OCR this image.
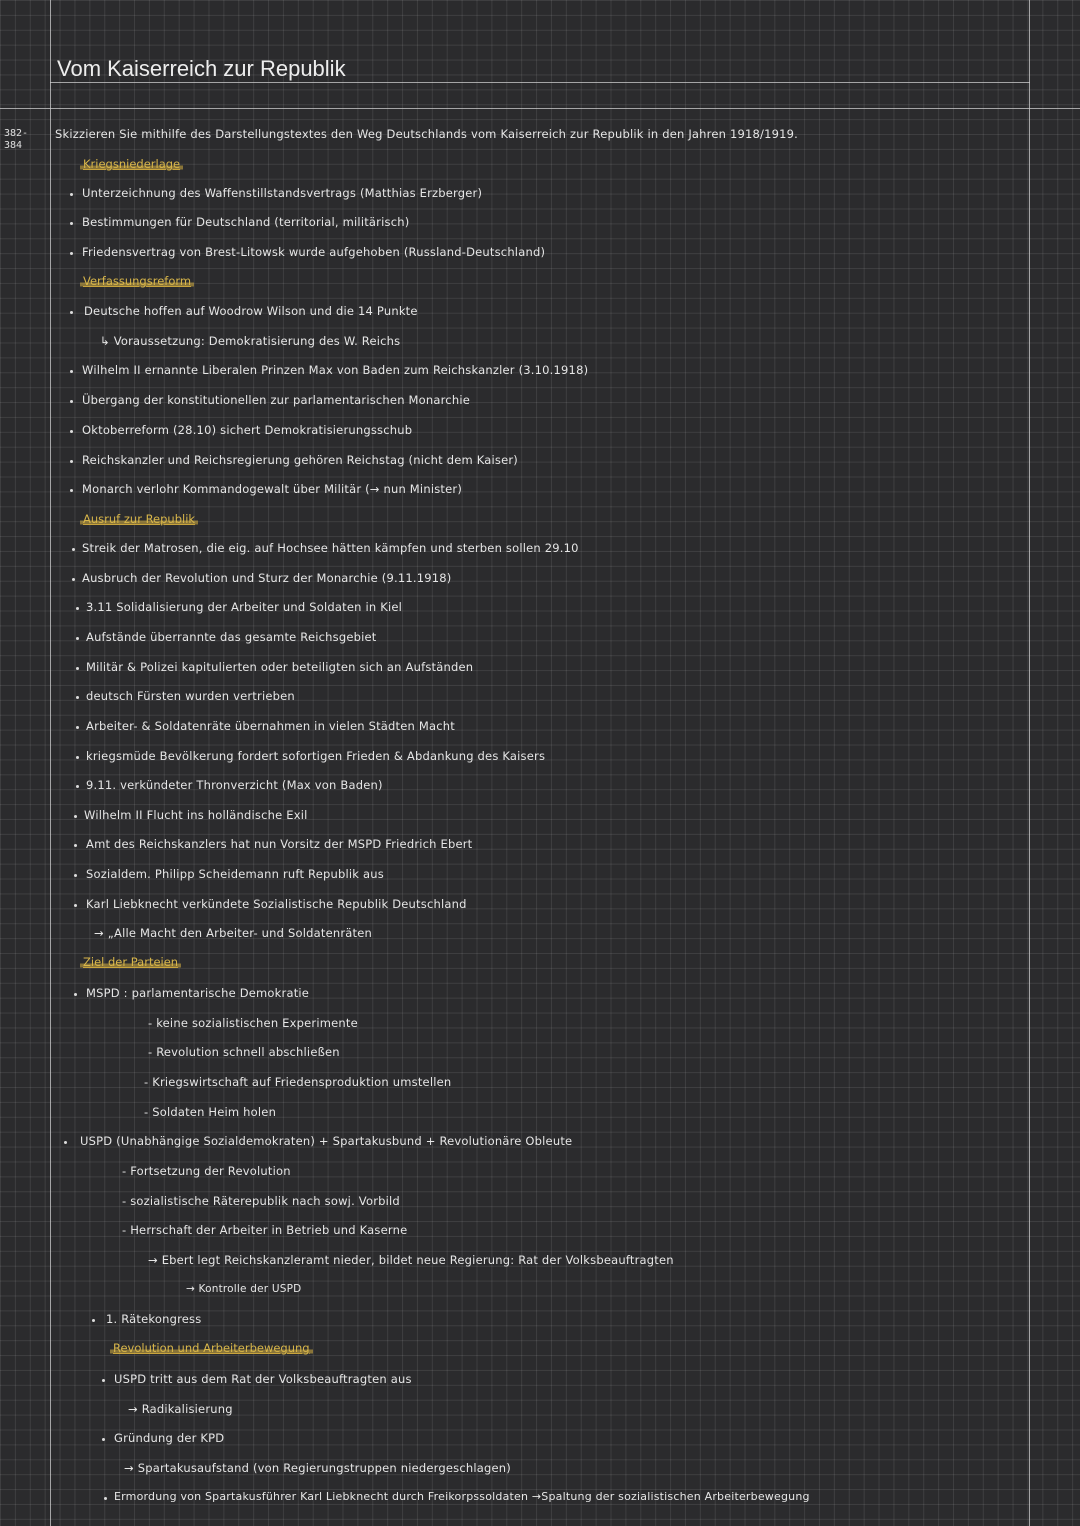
Vom Kaiserreich zur Republik
382-
384
Skizzieren Sie mithilfe des Darstellungstextes den Weg Deutschlands vom Kaiserreich zur Republik in den Jahren 1918/1919.
Kriegsniederlage
Unterzeichnung des Waffenstillstandsvertrags (Matthias Erzberger)
Bestimmungen für Deutschland (territorial, militärisch)
Friedensvertrag von Brest-Litowsk wurde aufgehoben (Russland-Deutschland)
Verfassungsreform
Deutsche hoffen auf Woodrow Wilson und die 14 Punkte
↳ Voraussetzung: Demokratisierung des W. Reichs
Wilhelm II ernannte Liberalen Prinzen Max von Baden zum Reichskanzler (3.10.1918)
Übergang der konstitutionellen zur parlamentarischen Monarchie
Oktoberreform (28.10) sichert Demokratisierungsschub
Reichskanzler und Reichsregierung gehören Reichstag (nicht dem Kaiser)
Monarch verlohr Kommandogewalt über Militär (→ nun Minister)
Ausruf zur Republik
Streik der Matrosen, die eig. auf Hochsee hätten kämpfen und sterben sollen 29.10
Ausbruch der Revolution und Sturz der Monarchie (9.11.1918)
3.11 Solidalisierung der Arbeiter und Soldaten in Kiel
Aufstände überrannte das gesamte Reichsgebiet
Militär & Polizei kapitulierten oder beteiligten sich an Aufständen
deutsch Fürsten wurden vertrieben
Arbeiter- & Soldatenräte übernahmen in vielen Städten Macht
kriegsmüde Bevölkerung fordert sofortigen Frieden & Abdankung des Kaisers
9.11. verkündeter Thronverzicht (Max von Baden)
Wilhelm II Flucht ins holländische Exil
Amt des Reichskanzlers hat nun Vorsitz der MSPD Friedrich Ebert
Sozialdem. Philipp Scheidemann ruft Republik aus
Karl Liebknecht verkündete Sozialistische Republik Deutschland
→ „Alle Macht den Arbeiter- und Soldatenräten
Ziel der Parteien
MSPD : parlamentarische Demokratie
- keine sozialistischen Experimente
- Revolution schnell abschließen
- Kriegswirtschaft auf Friedensproduktion umstellen
- Soldaten Heim holen
USPD (Unabhängige Sozialdemokraten) + Spartakusbund + Revolutionäre Obleute
- Fortsetzung der Revolution
- sozialistische Räterepublik nach sowj. Vorbild
- Herrschaft der Arbeiter in Betrieb und Kaserne
→ Ebert legt Reichskanzleramt nieder, bildet neue Regierung: Rat der Volksbeauftragten
→ Kontrolle der USPD
1. Rätekongress
Revolution und Arbeiterbewegung
USPD tritt aus dem Rat der Volksbeauftragten aus
→ Radikalisierung
Gründung der KPD
→ Spartakusaufstand (von Regierungstruppen niedergeschlagen)
Ermordung von Spartakusführer Karl Liebknecht durch Freikorpssoldaten →Spaltung der sozialistischen Arbeiterbewegung
